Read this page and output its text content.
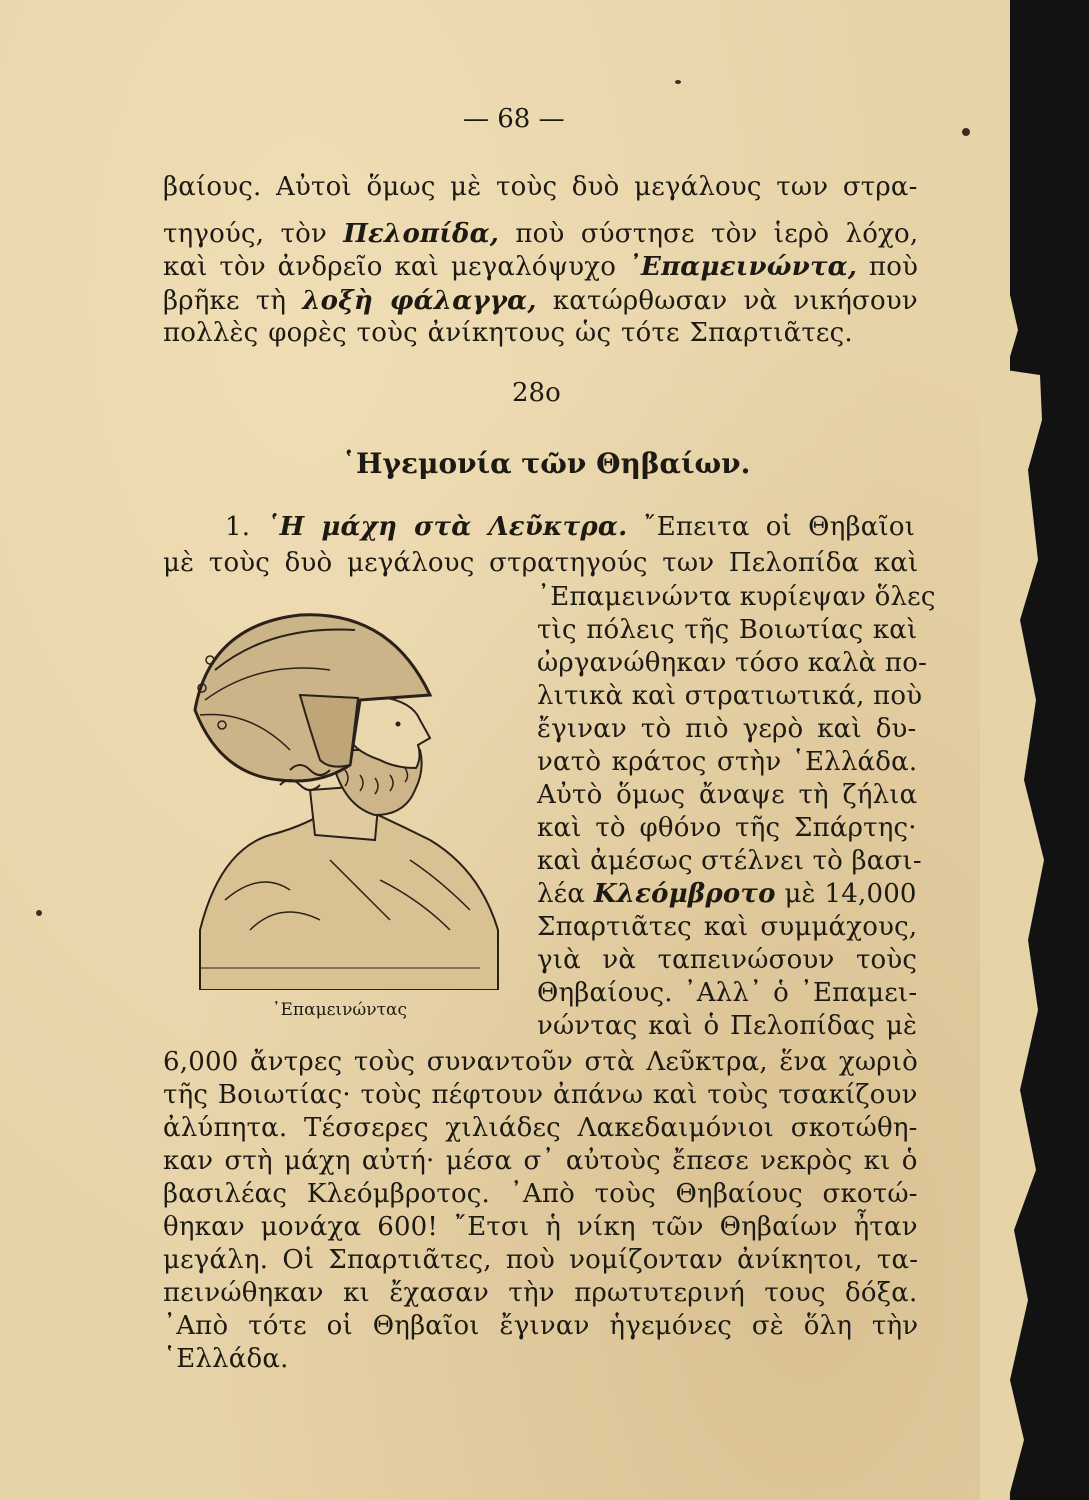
— 68 —
βαίους. Αὐτοὶ ὅμως μὲ τοὺς δυὸ μεγάλους των στρα-
τηγούς, τὸν Πελοπίδα, ποὺ σύστησε τὸν ἱερὸ λόχο,
καὶ τὸν ἀνδρεῖο καὶ μεγαλόψυχο ᾽Επαμεινώντα, ποὺ
βρῆκε τὴ λοξὴ φάλαγγα, κατώρθωσαν νὰ νικήσουν
πολλὲς φορὲς τοὺς ἀνίκητους ὡς τότε Σπαρτιᾶτες.
28ο
῾Ηγεμονία τῶν Θηβαίων.
1. ῾Η μάχη στὰ Λεῦκτρα. ῎Επειτα οἱ Θηβαῖοι
μὲ τοὺς δυὸ μεγάλους στρατηγούς των Πελοπίδα καὶ
᾽Επαμεινώντα κυρίεψαν ὅλες
τὶς πόλεις τῆς Βοιωτίας καὶ
ὠργανώθηκαν τόσο καλὰ πο-
λιτικὰ καὶ στρατιωτικά, ποὺ
ἔγιναν τὸ πιὸ γερὸ καὶ δυ-
νατὸ κράτος στὴν ῾Ελλάδα.
Αὐτὸ ὅμως ἄναψε τὴ ζήλια
καὶ τὸ φθόνο τῆς Σπάρτης·
καὶ ἀμέσως στέλνει τὸ βασι-
λέα Κλεόμβροτο μὲ 14,000
Σπαρτιᾶτες καὶ συμμάχους,
γιὰ νὰ ταπεινώσουν τοὺς
Θηβαίους. ᾽Αλλ᾽ ὁ ᾽Επαμει-
νώντας καὶ ὁ Πελοπίδας μὲ
6,000 ἄντρες τοὺς συναντοῦν στὰ Λεῦκτρα, ἕνα χωριὸ
τῆς Βοιωτίας· τοὺς πέφτουν ἀπάνω καὶ τοὺς τσακίζουν
ἀλύπητα. Τέσσερες χιλιάδες Λακεδαιμόνιοι σκοτώθη-
καν στὴ μάχη αὐτή· μέσα σ᾽ αὐτοὺς ἔπεσε νεκρὸς κι ὁ
βασιλέας Κλεόμβροτος. ᾽Απὸ τοὺς Θηβαίους σκοτώ-
θηκαν μονάχα 600! ῎Ετσι ἡ νίκη τῶν Θηβαίων ἦταν
μεγάλη. Οἱ Σπαρτιᾶτες, ποὺ νομίζονταν ἀνίκητοι, τα-
πεινώθηκαν κι ἔχασαν τὴν πρωτυτερινή τους δόξα.
᾽Απὸ τότε οἱ Θηβαῖοι ἔγιναν ἡγεμόνες σὲ ὅλη τὴν
῾Ελλάδα.
᾽Επαμεινώντας
